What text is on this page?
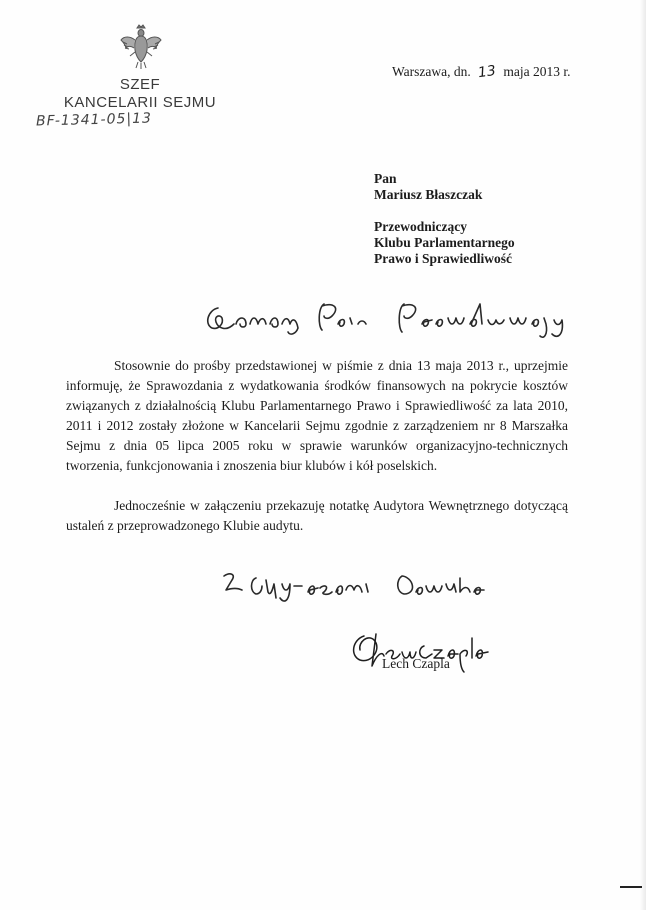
SZEF
KANCELARII SEJMU
BF-1341-05|13
Warszawa, dn. 13 maja 2013 r.
Pan
Mariusz Błaszczak
Przewodniczący
Klubu Parlamentarnego
Prawo i Sprawiedliwość

Stosownie do prośby przedstawionej w piśmie z dnia 13 maja 2013 r., uprzejmie informuję, że Sprawozdania z wydatkowania środków finansowych na pokrycie kosztów związanych z działalnością Klubu Parlamentarnego Prawo i Sprawiedliwość za lata 2010, 2011 i 2012 zostały złożone w Kancelarii Sejmu zgodnie z zarządzeniem nr 8 Marszałka Sejmu z dnia 05 lipca 2005 roku w sprawie warunków organizacyjno-technicznych tworzenia, funkcjonowania i znoszenia biur klubów i kół poselskich.

Jednocześnie w załączeniu przekazuję notatkę Audytora Wewnętrznego dotyczącą ustaleń z przeprowadzonego Klubie audytu.

Lech Czapla
